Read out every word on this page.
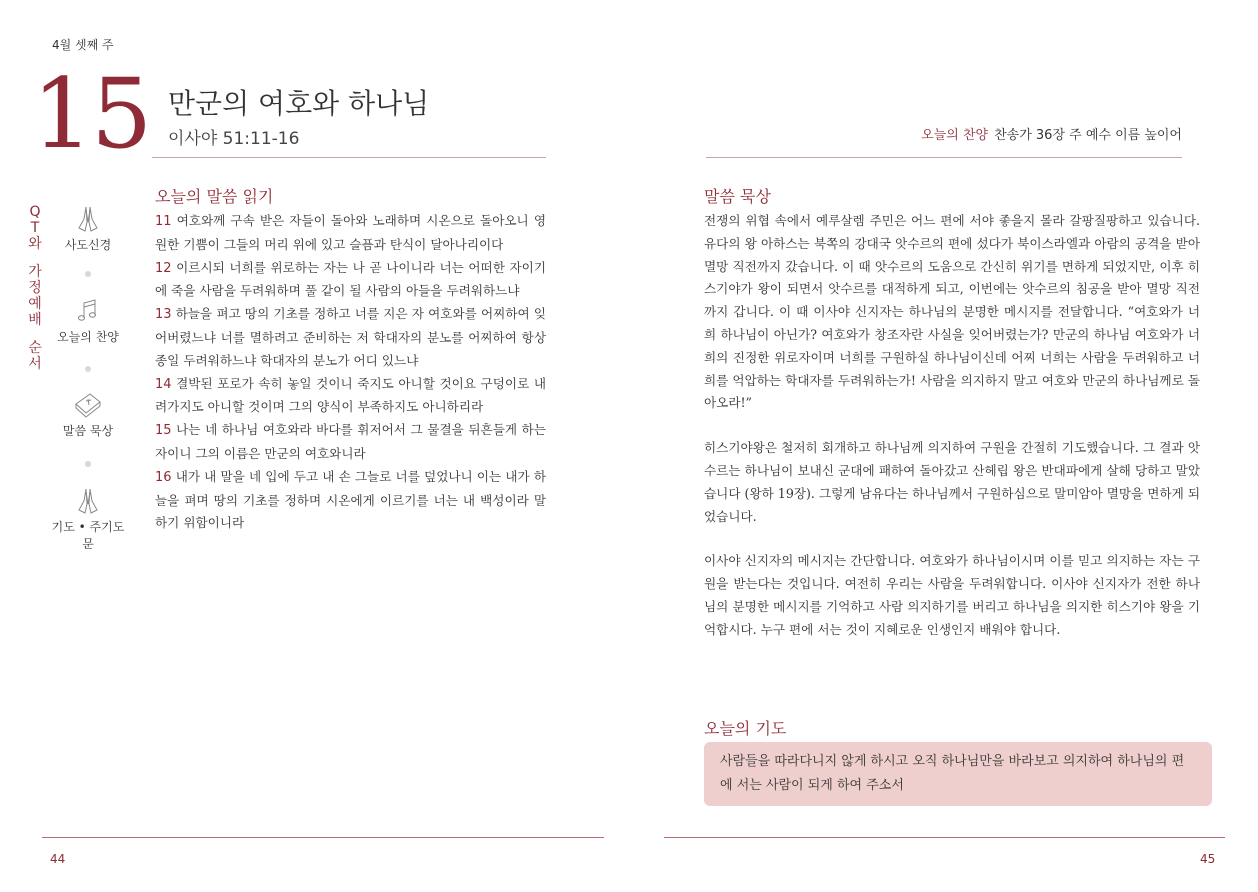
4월 셋째 주
15 만군의 여호와 하나님
이사야 51:11-16
Q
T
와
가
정
예
배
순
서
사도신경
오늘의 찬양
말씀 묵상
기도 • 주기도문
오늘의 말씀 읽기
11 여호와께 구속 받은 자들이 돌아와 노래하며 시온으로 돌아오니 영원한 기쁨이 그들의 머리 위에 있고 슬픔과 탄식이 달아나리이다
12 이르시되 너희를 위로하는 자는 나 곧 나이니라 너는 어떠한 자이기에 죽을 사람을 두려워하며 풀 같이 될 사람의 아들을 두려워하느냐
13 하늘을 펴고 땅의 기초를 정하고 너를 지은 자 여호와를 어찌하여 잊어버렸느냐 너를 멸하려고 준비하는 저 학대자의 분노를 어찌하여 항상 종일 두려워하느냐 학대자의 분노가 어디 있느냐
14 결박된 포로가 속히 놓일 것이니 죽지도 아니할 것이요 구덩이로 내려가지도 아니할 것이며 그의 양식이 부족하지도 아니하리라
15 나는 네 하나님 여호와라 바다를 휘저어서 그 물결을 뒤흔들게 하는 자이니 그의 이름은 만군의 여호와니라
16 내가 내 말을 네 입에 두고 내 손 그늘로 너를 덮었나니 이는 내가 하늘을 펴며 땅의 기초를 정하며 시온에게 이르기를 너는 내 백성이라 말하기 위함이니라
44
오늘의 찬양 찬송가 36장 주 예수 이름 높이어
말씀 묵상

전쟁의 위협 속에서 예루살렘 주민은 어느 편에 서야 좋을지 몰라 갈팡질팡하고 있습니다. 유다의 왕 아하스는 북쪽의 강대국 앗수르의 편에 섰다가 북이스라엘과 아람의 공격을 받아 멸망 직전까지 갔습니다. 이 때 앗수르의 도움으로 간신히 위기를 면하게 되었지만, 이후 히스기야가 왕이 되면서 앗수르를 대적하게 되고, 이번에는 앗수르의 침공을 받아 멸망 직전까지 갑니다. 이 때 이사야 신지자는 하나님의 분명한 메시지를 전달합니다. “여호와가 너희 하나님이 아닌가? 여호와가 창조자란 사실을 잊어버렸는가? 만군의 하나님 여호와가 너희의 진정한 위로자이며 너희를 구원하실 하나님이신데 어찌 너희는 사람을 두려워하고 너희를 억압하는 학대자를 두려워하는가! 사람을 의지하지 말고 여호와 만군의 하나님께로 돌아오라!”

히스기야왕은 철저히 회개하고 하나님께 의지하여 구원을 간절히 기도했습니다. 그 결과 앗수르는 하나님이 보내신 군대에 패하여 돌아갔고 산헤립 왕은 반대파에게 살해 당하고 말았습니다 (왕하 19장). 그렇게 남유다는 하나님께서 구원하심으로 말미암아 멸망을 면하게 되었습니다.

이사야 신지자의 메시지는 간단합니다. 여호와가 하나님이시며 이를 믿고 의지하는 자는 구원을 받는다는 것입니다. 여전히 우리는 사람을 두려워합니다. 이사야 신지자가 전한 하나님의 분명한 메시지를 기억하고 사람 의지하기를 버리고 하나님을 의지한 히스기야 왕을 기억합시다. 누구 편에 서는 것이 지혜로운 인생인지 배워야 합니다.

오늘의 기도
사람들을 따라다니지 않게 하시고 오직 하나님만을 바라보고 의지하여 하나님의 편에 서는 사람이 되게 하여 주소서
45
